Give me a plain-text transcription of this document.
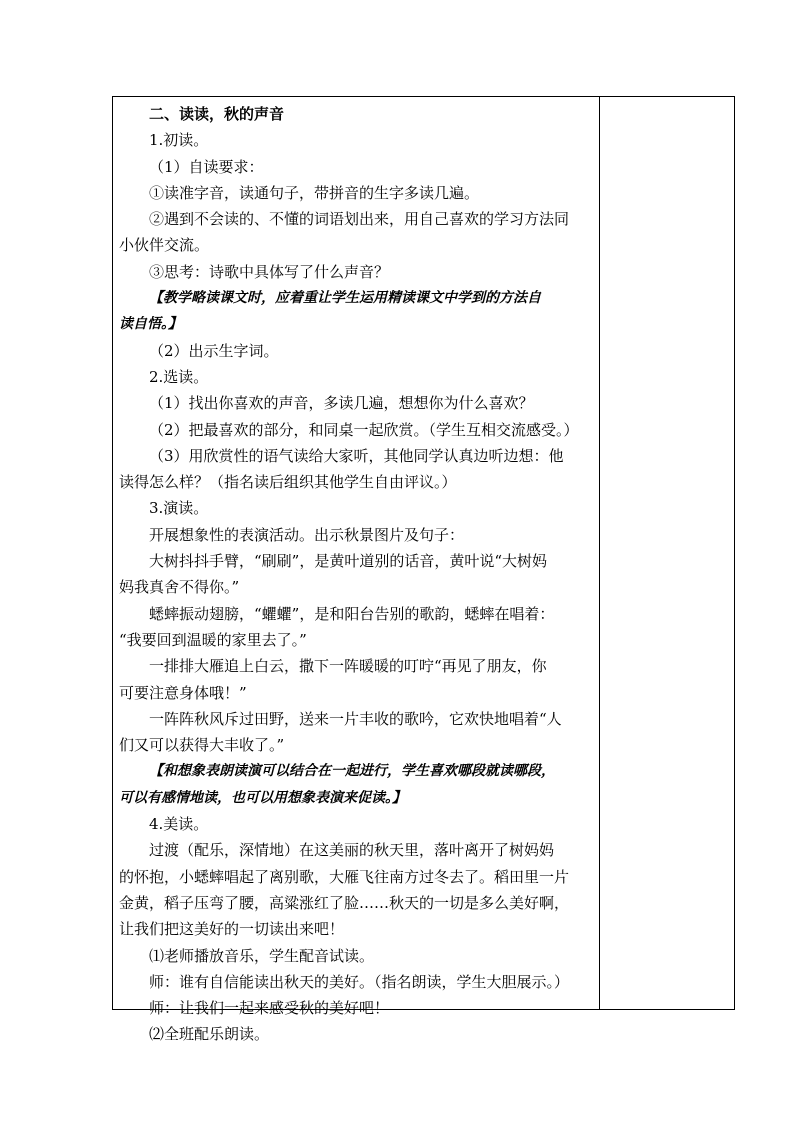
二、读读，秋的声音
1.初读。
（1）自读要求：
①读准字音，读通句子，带拼音的生字多读几遍。
②遇到不会读的、不懂的词语划出来，用自己喜欢的学习方法同
小伙伴交流。
③思考：诗歌中具体写了什么声音？
【教学略读课文时，应着重让学生运用精读课文中学到的方法自
读自悟。】
（2）出示生字词。
2.选读。
（1）找出你喜欢的声音，多读几遍，想想你为什么喜欢？
（2）把最喜欢的部分，和同桌一起欣赏。（学生互相交流感受。）
（3）用欣赏性的语气读给大家听，其他同学认真边听边想：他
读得怎么样？（指名读后组织其他学生自由评议。）
3.演读。
开展想象性的表演活动。出示秋景图片及句子：
大树抖抖手臂，“刷刷”，是黄叶道别的话音，黄叶说“大树妈
妈我真舍不得你。”
蟋蟀振动翅膀，“蠷蠷”，是和阳台告别的歌韵，蟋蟀在唱着：
“我要回到温暖的家里去了。”
一排排大雁追上白云，撒下一阵暖暖的叮咛“再见了朋友，你
可要注意身体哦！”
一阵阵秋风斥过田野，送来一片丰收的歌吟，它欢快地唱着“人
们又可以获得大丰收了。”
【和想象表朗读演可以结合在一起进行，学生喜欢哪段就读哪段，
可以有感情地读，也可以用想象表演来促读。】
4.美读。
过渡（配乐，深情地）在这美丽的秋天里，落叶离开了树妈妈
的怀抱，小蟋蟀唱起了离别歌，大雁飞往南方过冬去了。稻田里一片
金黄，稻子压弯了腰，高粱涨红了脸……秋天的一切是多么美好啊，
让我们把这美好的一切读出来吧！
⑴老师播放音乐，学生配音试读。
师：谁有自信能读出秋天的美好。（指名朗读，学生大胆展示。）
师：让我们一起来感受秋的美好吧！
⑵全班配乐朗读。
